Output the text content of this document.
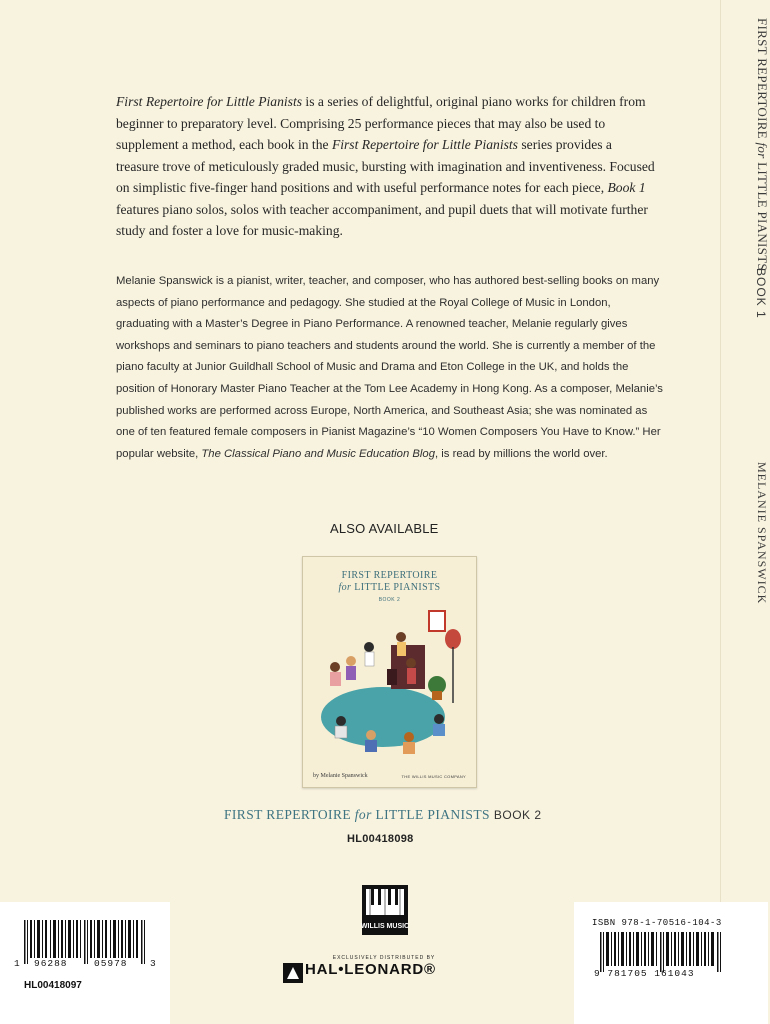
FIRST REPERTOIRE for LITTLE PIANISTS
BOOK 1
MELANIE SPANSWICK
First Repertoire for Little Pianists is a series of delightful, original piano works for children from beginner to preparatory level. Comprising 25 performance pieces that may also be used to supplement a method, each book in the First Repertoire for Little Pianists series provides a treasure trove of meticulously graded music, bursting with imagination and inventiveness. Focused on simplistic five-finger hand positions and with useful performance notes for each piece, Book 1 features piano solos, solos with teacher accompaniment, and pupil duets that will motivate further study and foster a love for music-making.
Melanie Spanswick is a pianist, writer, teacher, and composer, who has authored best-selling books on many aspects of piano performance and pedagogy. She studied at the Royal College of Music in London, graduating with a Master’s Degree in Piano Performance. A renowned teacher, Melanie regularly gives workshops and seminars to piano teachers and students around the world. She is currently a member of the piano faculty at Junior Guildhall School of Music and Drama and Eton College in the UK, and holds the position of Honorary Master Piano Teacher at the Tom Lee Academy in Hong Kong. As a composer, Melanie’s published works are performed across Europe, North America, and Southeast Asia; she was nominated as one of ten featured female composers in Pianist Magazine’s “10 Women Composers You Have to Know.” Her popular website, The Classical Piano and Music Education Blog, is read by millions the world over.
ALSO AVAILABLE
FIRST REPERTOIRE
for LITTLE PIANISTS
BOOK 2
by Melanie Spanswick	THE WILLIS MUSIC COMPANY
FIRST REPERTOIRE for LITTLE PIANISTS BOOK 2
HL00418098
WILLIS MUSIC
EXCLUSIVELY DISTRIBUTED BY
HAL•LEONARD®
1 96288	05978 3
HL00418097
ISBN 978-1-70516-104-3
9 781705 161043
